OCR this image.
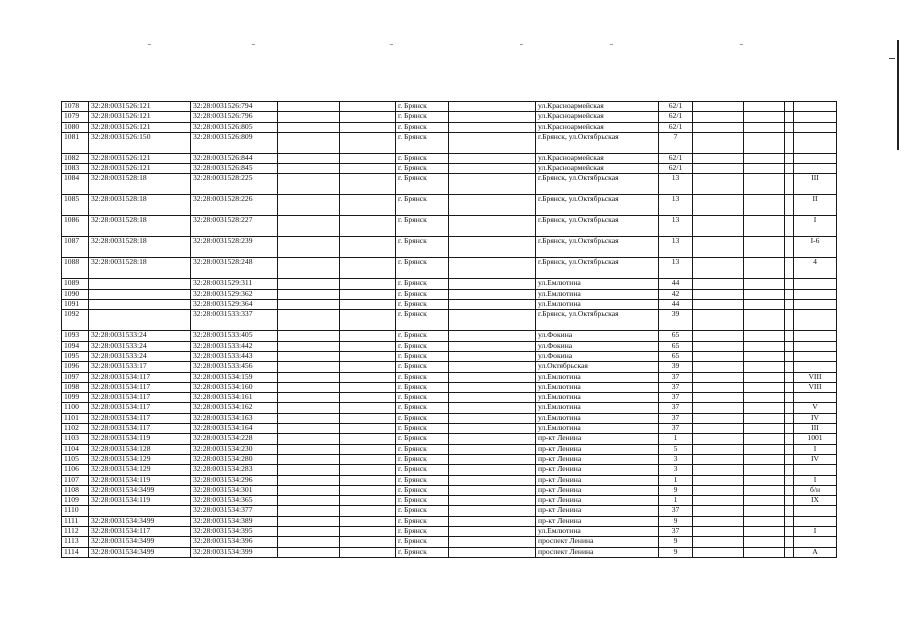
1078	32:28:0031526:121	32:28:0031526:794			г. Брянск		ул.Красноармейская	62/1				
1079	32:28:0031526:121	32:28:0031526:796			г. Брянск		ул.Красноармейская	62/1				
1080	32:28:0031526:121	32:28:0031526:805			г. Брянск		ул.Красноармейская	62/1				
1081	32:28:0031526:150	32:28:0031526:809			г. Брянск		г.Брянск, ул.Октябрьская	7				
1082	32:28:0031526:121	32:28:0031526:844			г. Брянск		ул.Красноармейская	62/1				
1083	32:28:0031526:121	32:28:0031526:845			г. Брянск		ул.Красноармейская	62/1				
1084	32:28:0031528:18	32:28:0031528:225			г. Брянск		г.Брянск, ул.Октябрьская	13				III
1085	32:28:0031528:18	32:28:0031528:226			г. Брянск		г.Брянск, ул.Октябрьская	13				II
1086	32:28:0031528:18	32:28:0031528:227			г. Брянск		г.Брянск, ул.Октябрьская	13				I
1087	32:28:0031528:18	32:28:0031528:239			г. Брянск		г.Брянск, ул.Октябрьская	13				I-6
1088	32:28:0031528:18	32:28:0031528:248			г. Брянск		г.Брянск, ул.Октябрьская	13				4
1089		32:28:0031529:311			г. Брянск		ул.Емлютина	44				
1090		32:28:0031529:362			г. Брянск		ул.Емлютина	42				
1091		32:28:0031529:364			г. Брянск		ул.Емлютина	44				
1092		32:28:0031533:337			г. Брянск		г.Брянск, ул.Октябрьская	39				
1093	32:28:0031533:24	32:28:0031533:405			г. Брянск		ул.Фокина	65				
1094	32:28:0031533:24	32:28:0031533:442			г. Брянск		ул.Фокина	65				
1095	32:28:0031533:24	32:28:0031533:443			г. Брянск		ул.Фокина	65				
1096	32:28:0031533:17	32:28:0031533:456			г. Брянск		ул.Октябрьская	39				
1097	32:28:0031534:117	32:28:0031534:159			г. Брянск		ул.Емлютина	37				VIII
1098	32:28:0031534:117	32:28:0031534:160			г. Брянск		ул.Емлютина	37				VIII
1099	32:28:0031534:117	32:28:0031534:161			г. Брянск		ул.Емлютина	37				
1100	32:28:0031534:117	32:28:0031534:162			г. Брянск		ул.Емлютина	37				V
1101	32:28:0031534:117	32:28:0031534:163			г. Брянск		ул.Емлютина	37				IV
1102	32:28:0031534:117	32:28:0031534:164			г. Брянск		ул.Емлютина	37				III
1103	32:28:0031534:119	32:28:0031534:228			г. Брянск		пр-кт Ленина	1				1001
1104	32:28:0031534:128	32:28:0031534:230			г. Брянск		пр-кт Ленина	5				I
1105	32:28:0031534:129	32:28:0031534:280			г. Брянск		пр-кт Ленина	3				IV
1106	32:28:0031534:129	32:28:0031534:283			г. Брянск		пр-кт Ленина	3				
1107	32:28:0031534:119	32:28:0031534:296			г. Брянск		пр-кт Ленина	1				I
1108	32:28:0031534:3499	32:28:0031534:301			г. Брянск		пр-кт Ленина	9				б/н
1109	32:28:0031534:119	32:28:0031534:365			г. Брянск		пр-кт Ленина	1				IX
1110		32:28:0031534:377			г. Брянск		пр-кт Ленина	37				
1111	32:28:0031534:3499	32:28:0031534:389			г. Брянск		пр-кт Ленина	9				
1112	32:28:0031534:117	32:28:0031534:395			г. Брянск		ул.Емлютина	37				I
1113	32:28:0031534:3499	32:28:0031534:396			г. Брянск		проспект Ленина	9				
1114	32:28:0031534:3499	32:28:0031534:399			г. Брянск		проспект Ленина	9				А
